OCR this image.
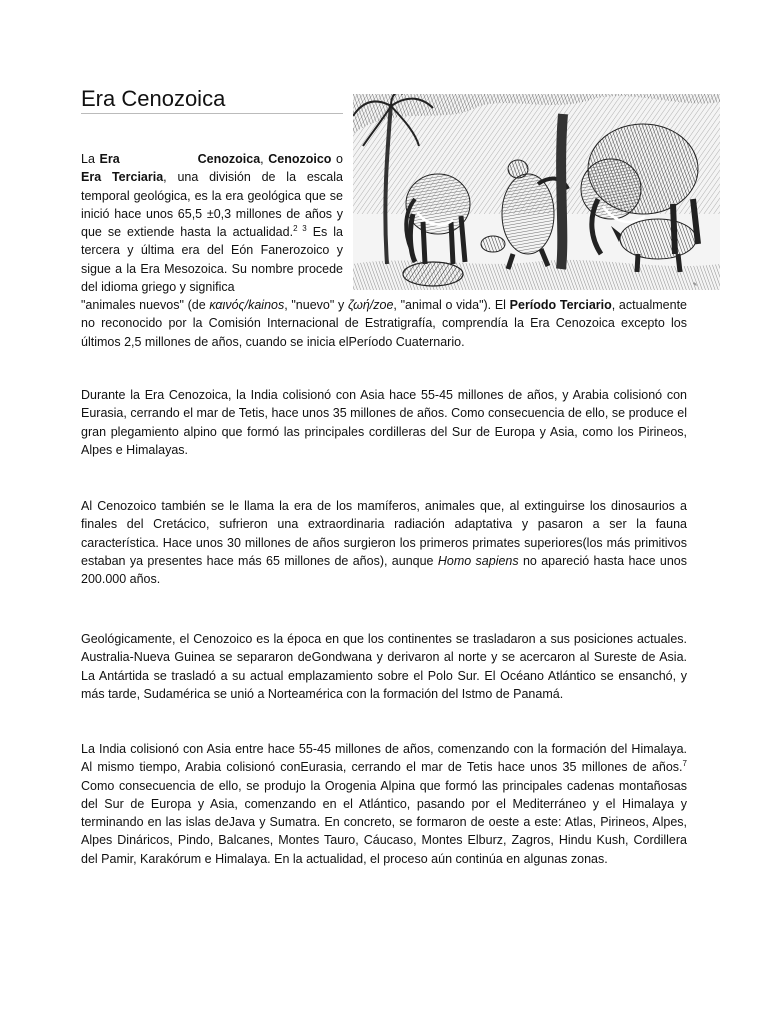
Era Cenozoica
✎

La Era	Cenozoica, Cenozoico o Era Terciaria, una división de la escala temporal geológica, es la era geológica que se inició hace unos 65,5 ±0,3 millones de años y que se extiende hasta la actualidad.$^{2 3}$ Es la tercera y última era del Eón Fanerozoico y sigue a la Era Mesozoica. Su nombre procede del idioma griego y significa

"animales nuevos" (de καινός/kainos, "nuevo" y ζωή/zoe, "animal o vida"). El Período Terciario, actualmente no reconocido por la Comisión Internacional de Estratigrafía, comprendía la Era Cenozoica excepto los últimos 2,5 millones de años, cuando se inicia elPeríodo Cuaternario.

Durante la Era Cenozoica, la India colisionó con Asia hace 55-45 millones de años, y Arabia colisionó con Eurasia, cerrando el mar de Tetis, hace unos 35 millones de años. Como consecuencia de ello, se produce el gran plegamiento alpino que formó las principales cordilleras del Sur de Europa y Asia, como los Pirineos, Alpes e Himalayas.

Al Cenozoico también se le llama la era de los mamíferos, animales que, al extinguirse los dinosaurios a finales del Cretácico, sufrieron una extraordinaria radiación adaptativa y pasaron a ser la fauna característica. Hace unos 30 millones de años surgieron los primeros primates superiores(los más primitivos estaban ya presentes hace más 65 millones de años), aunque Homo sapiens no apareció hasta hace unos 200.000 años.

Geológicamente, el Cenozoico es la época en que los continentes se trasladaron a sus posiciones actuales. Australia-Nueva Guinea se separaron deGondwana y derivaron al norte y se acercaron al Sureste de Asia. La Antártida se trasladó a su actual emplazamiento sobre el Polo Sur. El Océano Atlántico se ensanchó, y más tarde, Sudamérica se unió a Norteamérica con la formación del Istmo de Panamá.

La India colisionó con Asia entre hace 55-45 millones de años, comenzando con la formación del Himalaya. Al mismo tiempo, Arabia colisionó conEurasia, cerrando el mar de Tetis hace unos 35 millones de años.$^7$ Como consecuencia de ello, se produjo la Orogenia Alpina que formó las principales cadenas montañosas del Sur de Europa y Asia, comenzando en el Atlántico, pasando por el Mediterráneo y el Himalaya y terminando en las islas deJava y Sumatra. En concreto, se formaron de oeste a este: Atlas, Pirineos, Alpes, Alpes Dináricos, Pindo, Balcanes, Montes Tauro, Cáucaso, Montes Elburz, Zagros, Hindu Kush, Cordillera del Pamir, Karakórum e Himalaya. En la actualidad, el proceso aún continúa en algunas zonas.
